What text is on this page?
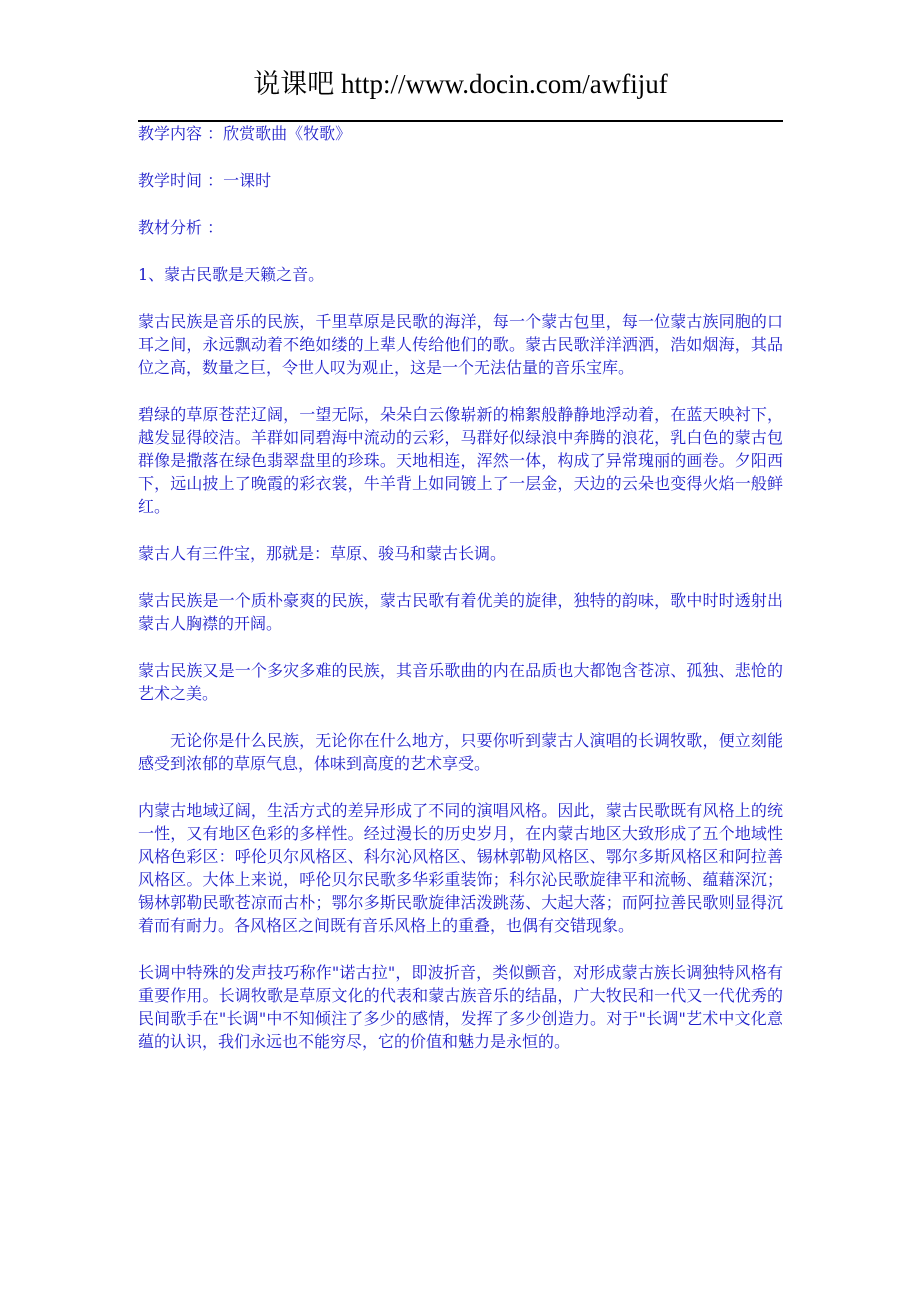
说课吧 http://www.docin.com/awfijuf

教学内容 ：欣赏歌曲《牧歌》

教学时间 ：一课时

教材分析 ：

1、蒙古民歌是天籁之音。

蒙古民族是音乐的民族，千里草原是民歌的海洋，每一个蒙古包里，每一位蒙古族同胞的口耳之间，永远飘动着不绝如缕的上辈人传给他们的歌。蒙古民歌洋洋洒洒，浩如烟海，其品位之高，数量之巨，令世人叹为观止，这是一个无法估量的音乐宝库。

碧绿的草原苍茫辽阔，一望无际，朵朵白云像崭新的棉絮般静静地浮动着，在蓝天映衬下，越发显得皎洁。羊群如同碧海中流动的云彩，马群好似绿浪中奔腾的浪花，乳白色的蒙古包群像是撒落在绿色翡翠盘里的珍珠。天地相连，浑然一体，构成了异常瑰丽的画卷。夕阳西下，远山披上了晚霞的彩衣裳，牛羊背上如同镀上了一层金，天边的云朵也变得火焰一般鲜红。

蒙古人有三件宝，那就是：草原、骏马和蒙古长调。

蒙古民族是一个质朴豪爽的民族，蒙古民歌有着优美的旋律，独特的韵味，歌中时时透射出蒙古人胸襟的开阔。

蒙古民族又是一个多灾多难的民族，其音乐歌曲的内在品质也大都饱含苍凉、孤独、悲怆的艺术之美。

无论你是什么民族，无论你在什么地方，只要你听到蒙古人演唱的长调牧歌，便立刻能感受到浓郁的草原气息，体味到高度的艺术享受。

内蒙古地域辽阔，生活方式的差异形成了不同的演唱风格。因此，蒙古民歌既有风格上的统一性，又有地区色彩的多样性。经过漫长的历史岁月，在内蒙古地区大致形成了五个地域性风格色彩区：呼伦贝尔风格区、科尔沁风格区、锡林郭勒风格区、鄂尔多斯风格区和阿拉善风格区。大体上来说，呼伦贝尔民歌多华彩重装饰；科尔沁民歌旋律平和流畅、蕴藉深沉；锡林郭勒民歌苍凉而古朴；鄂尔多斯民歌旋律活泼跳荡、大起大落；而阿拉善民歌则显得沉着而有耐力。各风格区之间既有音乐风格上的重叠，也偶有交错现象。

长调中特殊的发声技巧称作"诺古拉"，即波折音，类似颤音，对形成蒙古族长调独特风格有重要作用。长调牧歌是草原文化的代表和蒙古族音乐的结晶，广大牧民和一代又一代优秀的民间歌手在"长调"中不知倾注了多少的感情，发挥了多少创造力。对于"长调"艺术中文化意蕴的认识，我们永远也不能穷尽，它的价值和魅力是永恒的。
